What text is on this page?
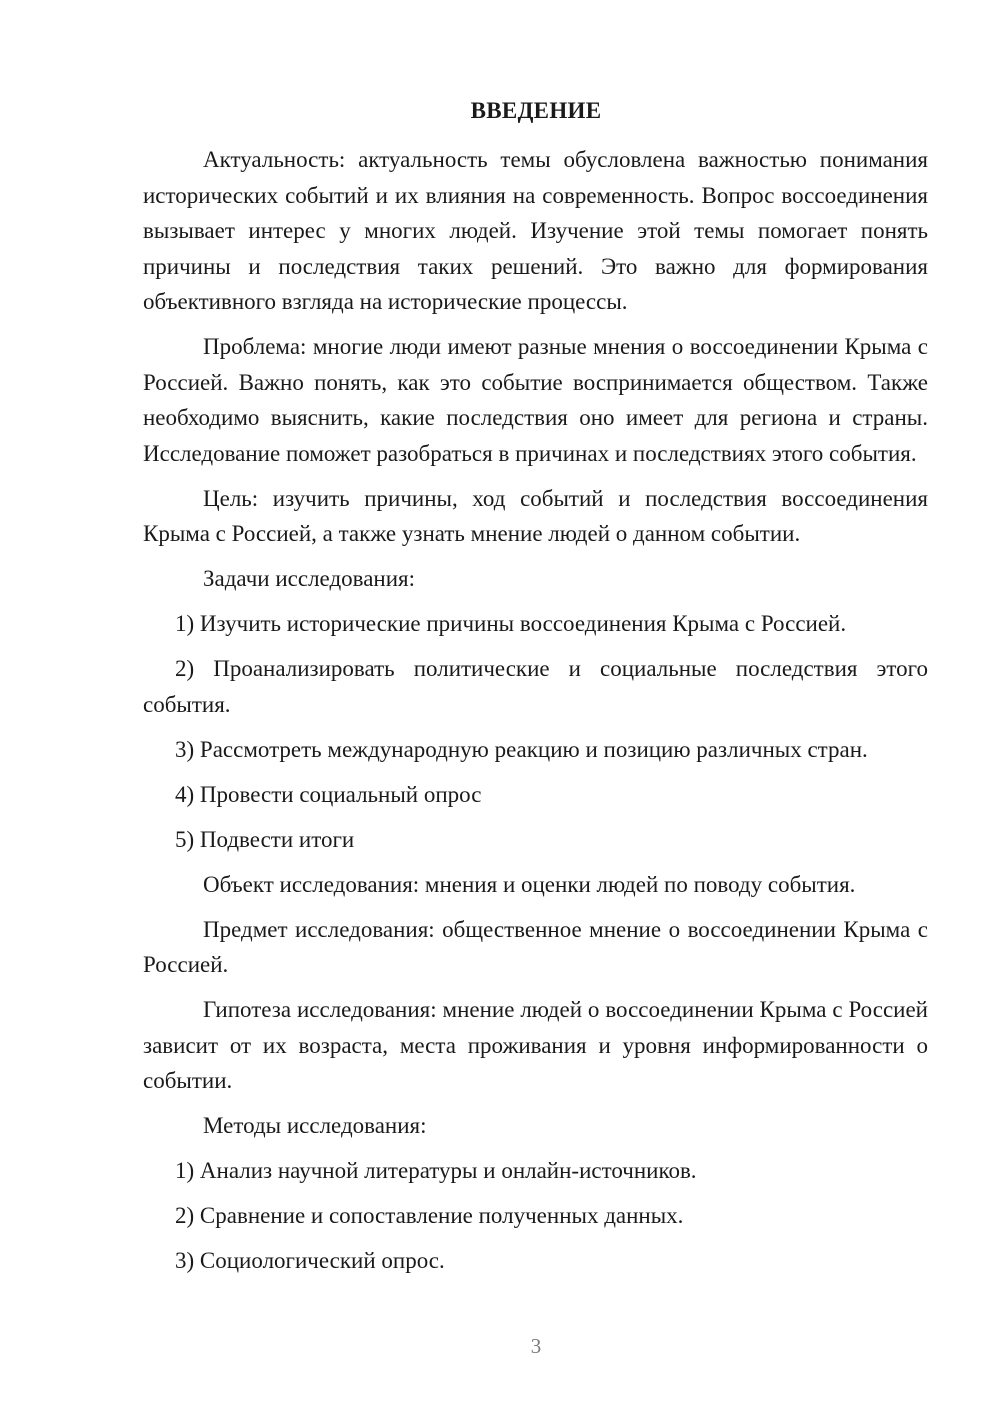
ВВЕДЕНИЕ

Актуальность: актуальность темы обусловлена важностью понимания исторических событий и их влияния на современность. Вопрос воссоединения вызывает интерес у многих людей. Изучение этой темы помогает понять причины и последствия таких решений. Это важно для формирования объективного взгляда на исторические процессы.

Проблема: многие люди имеют разные мнения о воссоединении Крыма с Россией. Важно понять, как это событие воспринимается обществом. Также необходимо выяснить, какие последствия оно имеет для региона и страны. Исследование поможет разобраться в причинах и последствиях этого события.

Цель: изучить причины, ход событий и последствия воссоединения Крыма с Россией, а также узнать мнение людей о данном событии.

Задачи исследования:

1) Изучить исторические причины воссоединения Крыма с Россией.

2) Проанализировать политические и социальные последствия этого события.

3) Рассмотреть международную реакцию и позицию различных стран.

4) Провести социальный опрос

5) Подвести итоги

Объект исследования: мнения и оценки людей по поводу события.

Предмет исследования: общественное мнение о воссоединении Крыма с Россией.

Гипотеза исследования: мнение людей о воссоединении Крыма с Россией зависит от их возраста, места проживания и уровня информированности о событии.

Методы исследования:

1) Анализ научной литературы и онлайн-источников.

2) Сравнение и сопоставление полученных данных.

3) Социологический опрос.

3
